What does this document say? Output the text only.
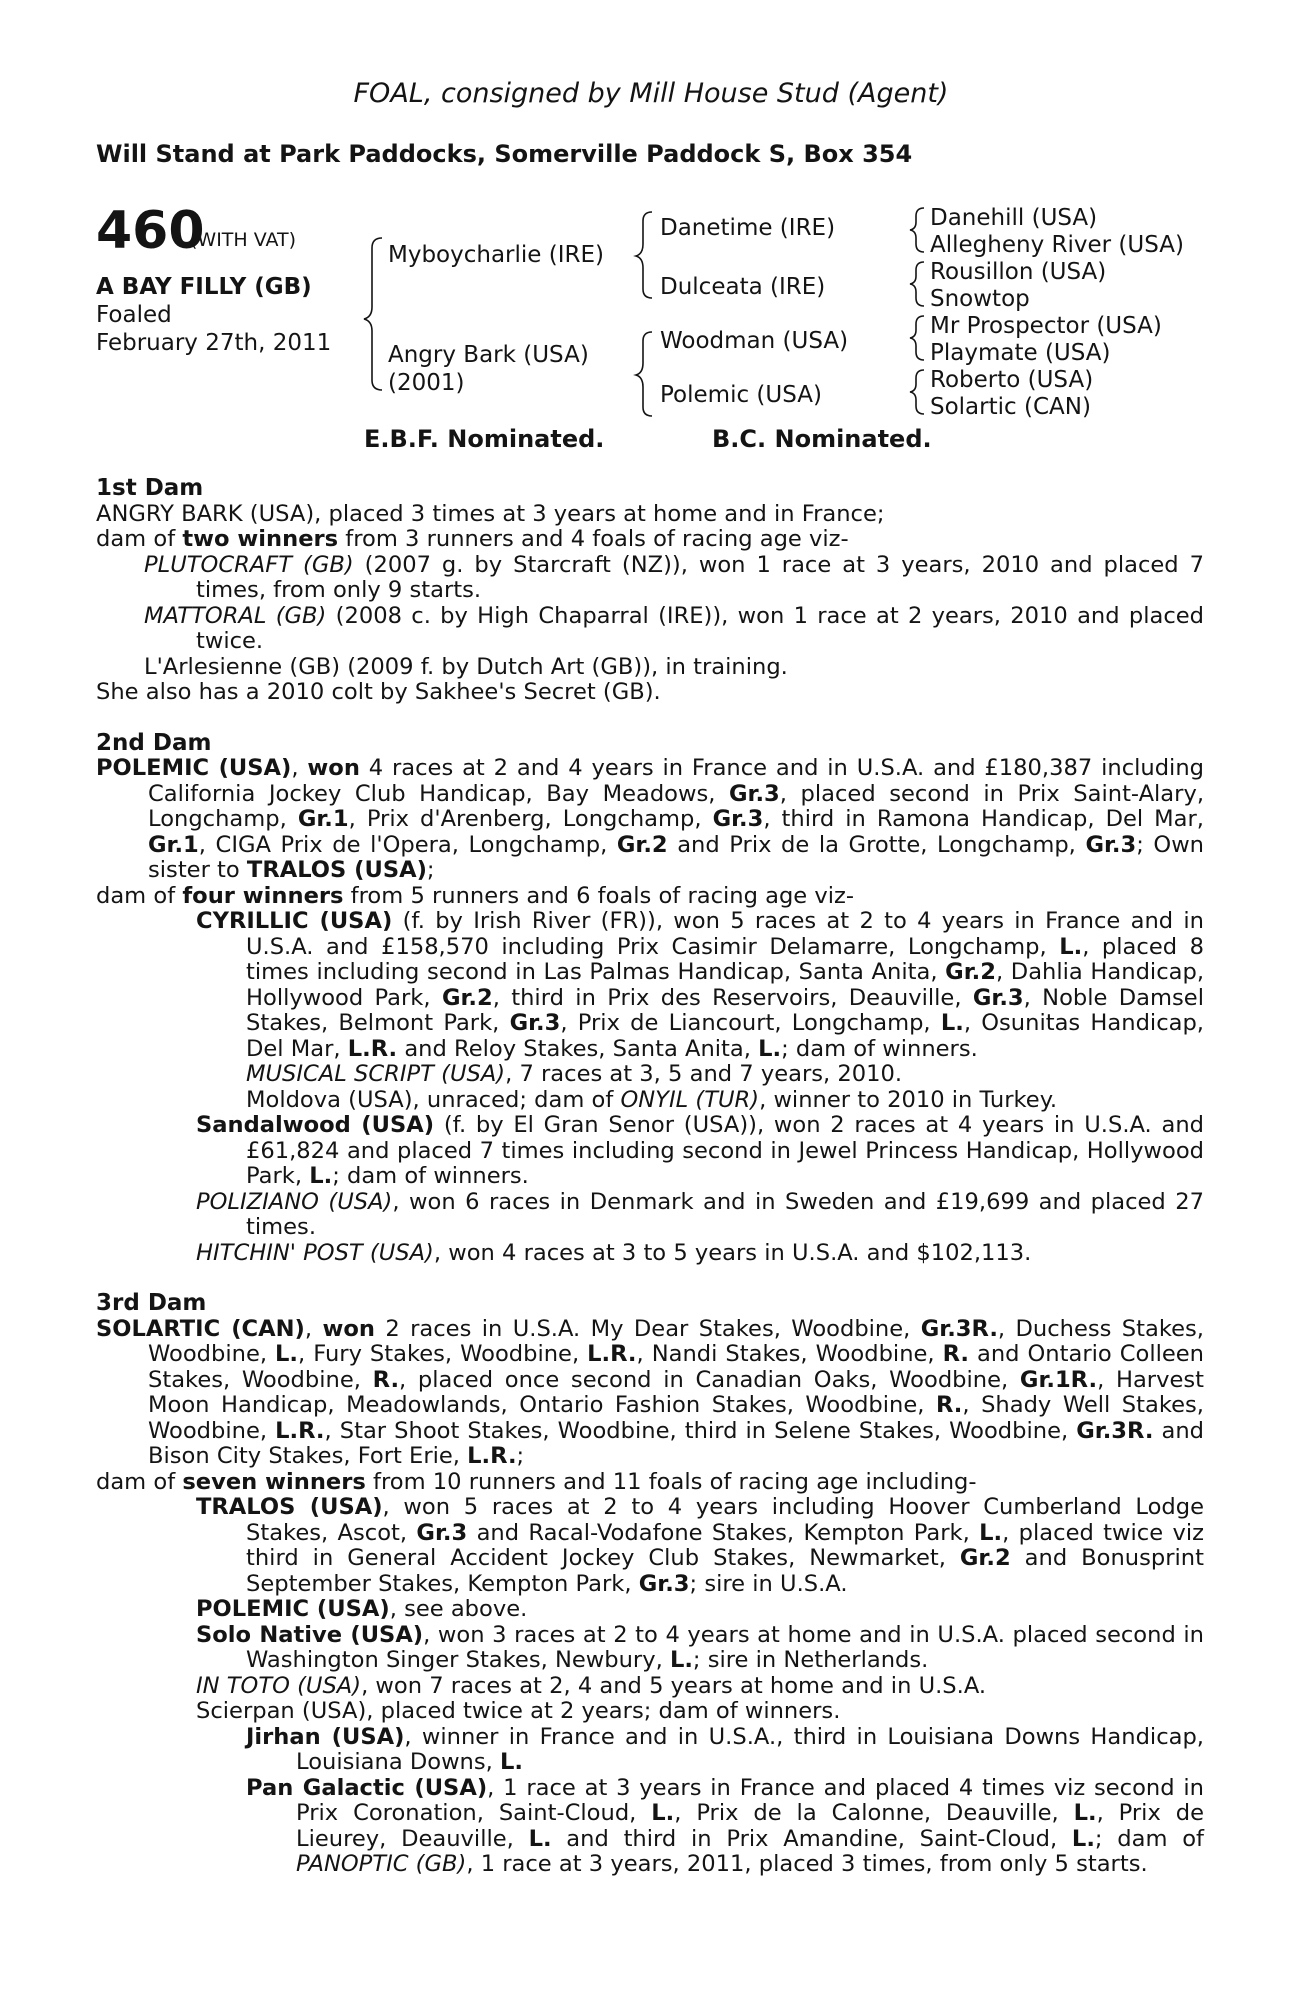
FOAL, consigned by Mill House Stud (Agent)
Will Stand at Park Paddocks, Somerville Paddock S, Box 354
460
(WITH VAT)
A BAY FILLY (GB)
Foaled
February 27th, 2011
Myboycharlie (IRE)
Angry Bark (USA)
(2001)
Danetime (IRE)
Dulceata (IRE)
Woodman (USA)
Polemic (USA)
Danehill (USA)
Allegheny River (USA)
Rousillon (USA)
Snowtop
Mr Prospector (USA)
Playmate (USA)
Roberto (USA)
Solartic (CAN)
E.B.F. Nominated.	B.C. Nominated.
1st Dam
ANGRY BARK (USA), placed 3 times at 3 years at home and in France;
dam of two winners from 3 runners and 4 foals of racing age viz-
PLUTOCRAFT (GB) (2007 g. by Starcraft (NZ)), won 1 race at 3 years, 2010 and placed 7 times, from only 9 starts.
MATTORAL (GB) (2008 c. by High Chaparral (IRE)), won 1 race at 2 years, 2010 and placed twice.
L'Arlesienne (GB) (2009 f. by Dutch Art (GB)), in training.
She also has a 2010 colt by Sakhee's Secret (GB).
2nd Dam
POLEMIC (USA), won 4 races at 2 and 4 years in France and in U.S.A. and £180,387 including California Jockey Club Handicap, Bay Meadows, Gr.3, placed second in Prix Saint-Alary, Longchamp, Gr.1, Prix d'Arenberg, Longchamp, Gr.3, third in Ramona Handicap, Del Mar, Gr.1, CIGA Prix de l'Opera, Longchamp, Gr.2 and Prix de la Grotte, Longchamp, Gr.3; Own sister to TRALOS (USA);
dam of four winners from 5 runners and 6 foals of racing age viz-
CYRILLIC (USA) (f. by Irish River (FR)), won 5 races at 2 to 4 years in France and in U.S.A. and £158,570 including Prix Casimir Delamarre, Longchamp, L., placed 8 times including second in Las Palmas Handicap, Santa Anita, Gr.2, Dahlia Handicap, Hollywood Park, Gr.2, third in Prix des Reservoirs, Deauville, Gr.3, Noble Damsel Stakes, Belmont Park, Gr.3, Prix de Liancourt, Longchamp, L., Osunitas Handicap, Del Mar, L.R. and Reloy Stakes, Santa Anita, L.; dam of winners.
MUSICAL SCRIPT (USA), 7 races at 3, 5 and 7 years, 2010.
Moldova (USA), unraced; dam of ONYIL (TUR), winner to 2010 in Turkey.
Sandalwood (USA) (f. by El Gran Senor (USA)), won 2 races at 4 years in U.S.A. and £61,824 and placed 7 times including second in Jewel Princess Handicap, Hollywood Park, L.; dam of winners.
POLIZIANO (USA), won 6 races in Denmark and in Sweden and £19,699 and placed 27 times.
HITCHIN' POST (USA), won 4 races at 3 to 5 years in U.S.A. and $102,113.
3rd Dam
SOLARTIC (CAN), won 2 races in U.S.A. My Dear Stakes, Woodbine, Gr.3R., Duchess Stakes, Woodbine, L., Fury Stakes, Woodbine, L.R., Nandi Stakes, Woodbine, R. and Ontario Colleen Stakes, Woodbine, R., placed once second in Canadian Oaks, Woodbine, Gr.1R., Harvest Moon Handicap, Meadowlands, Ontario Fashion Stakes, Woodbine, R., Shady Well Stakes, Woodbine, L.R., Star Shoot Stakes, Woodbine, third in Selene Stakes, Woodbine, Gr.3R. and Bison City Stakes, Fort Erie, L.R.;
dam of seven winners from 10 runners and 11 foals of racing age including-
TRALOS (USA), won 5 races at 2 to 4 years including Hoover Cumberland Lodge Stakes, Ascot, Gr.3 and Racal-Vodafone Stakes, Kempton Park, L., placed twice viz third in General Accident Jockey Club Stakes, Newmarket, Gr.2 and Bonusprint September Stakes, Kempton Park, Gr.3; sire in U.S.A.
POLEMIC (USA), see above.
Solo Native (USA), won 3 races at 2 to 4 years at home and in U.S.A. placed second in Washington Singer Stakes, Newbury, L.; sire in Netherlands.
IN TOTO (USA), won 7 races at 2, 4 and 5 years at home and in U.S.A.
Scierpan (USA), placed twice at 2 years; dam of winners.
Jirhan (USA), winner in France and in U.S.A., third in Louisiana Downs Handicap, Louisiana Downs, L.
Pan Galactic (USA), 1 race at 3 years in France and placed 4 times viz second in Prix Coronation, Saint-Cloud, L., Prix de la Calonne, Deauville, L., Prix de Lieurey, Deauville, L. and third in Prix Amandine, Saint-Cloud, L.; dam of PANOPTIC (GB), 1 race at 3 years, 2011, placed 3 times, from only 5 starts.
